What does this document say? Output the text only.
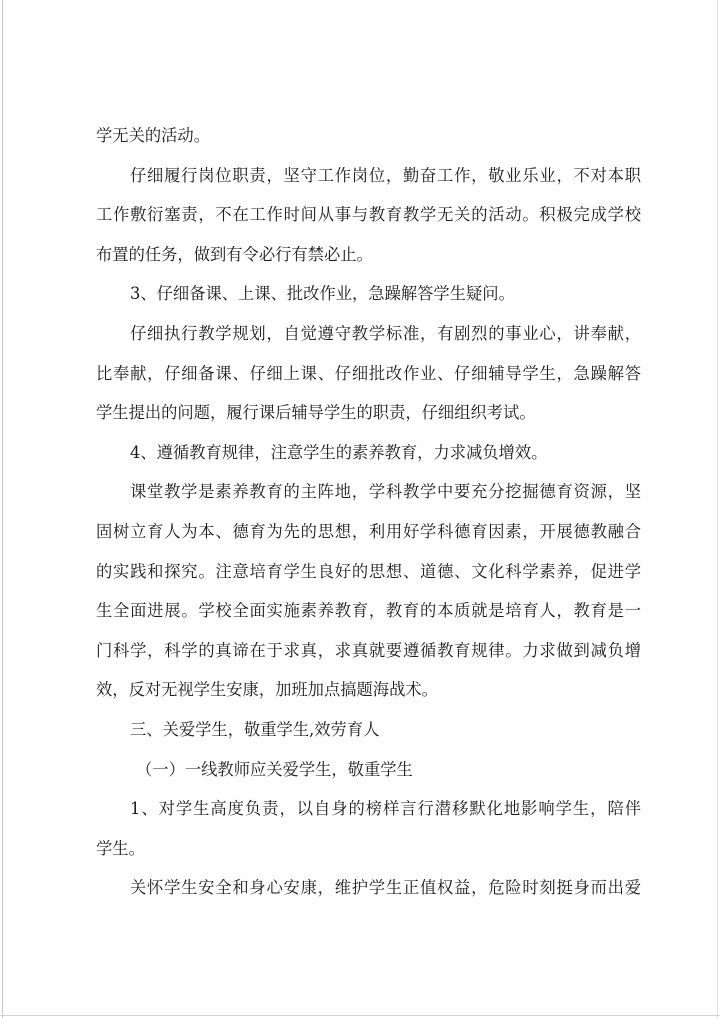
学无关的活动。
仔细履行岗位职责，坚守工作岗位，勤奋工作，敬业乐业，不对本职
工作敷衍塞责，不在工作时间从事与教育教学无关的活动。积极完成学校
布置的任务，做到有令必行有禁必止。
3、仔细备课、上课、批改作业，急躁解答学生疑问。
仔细执行教学规划，自觉遵守教学标准，有剧烈的事业心，讲奉献，
比奉献，仔细备课、仔细上课、仔细批改作业、仔细辅导学生，急躁解答
学生提出的问题，履行课后辅导学生的职责，仔细组织考试。
4、遵循教育规律，注意学生的素养教育，力求减负增效。
课堂教学是素养教育的主阵地，学科教学中要充分挖掘德育资源，坚
固树立育人为本、德育为先的思想，利用好学科德育因素，开展德教融合
的实践和探究。注意培育学生良好的思想、道德、文化科学素养，促进学
生全面进展。学校全面实施素养教育，教育的本质就是培育人，教育是一
门科学，科学的真谛在于求真，求真就要遵循教育规律。力求做到减负增
效，反对无视学生安康，加班加点搞题海战术。
三、关爱学生，敬重学生,效劳育人
（一）一线教师应关爱学生，敬重学生
1、对学生高度负责，以自身的榜样言行潜移默化地影响学生，陪伴
学生。
关怀学生安全和身心安康，维护学生正值权益，危险时刻挺身而出爱
